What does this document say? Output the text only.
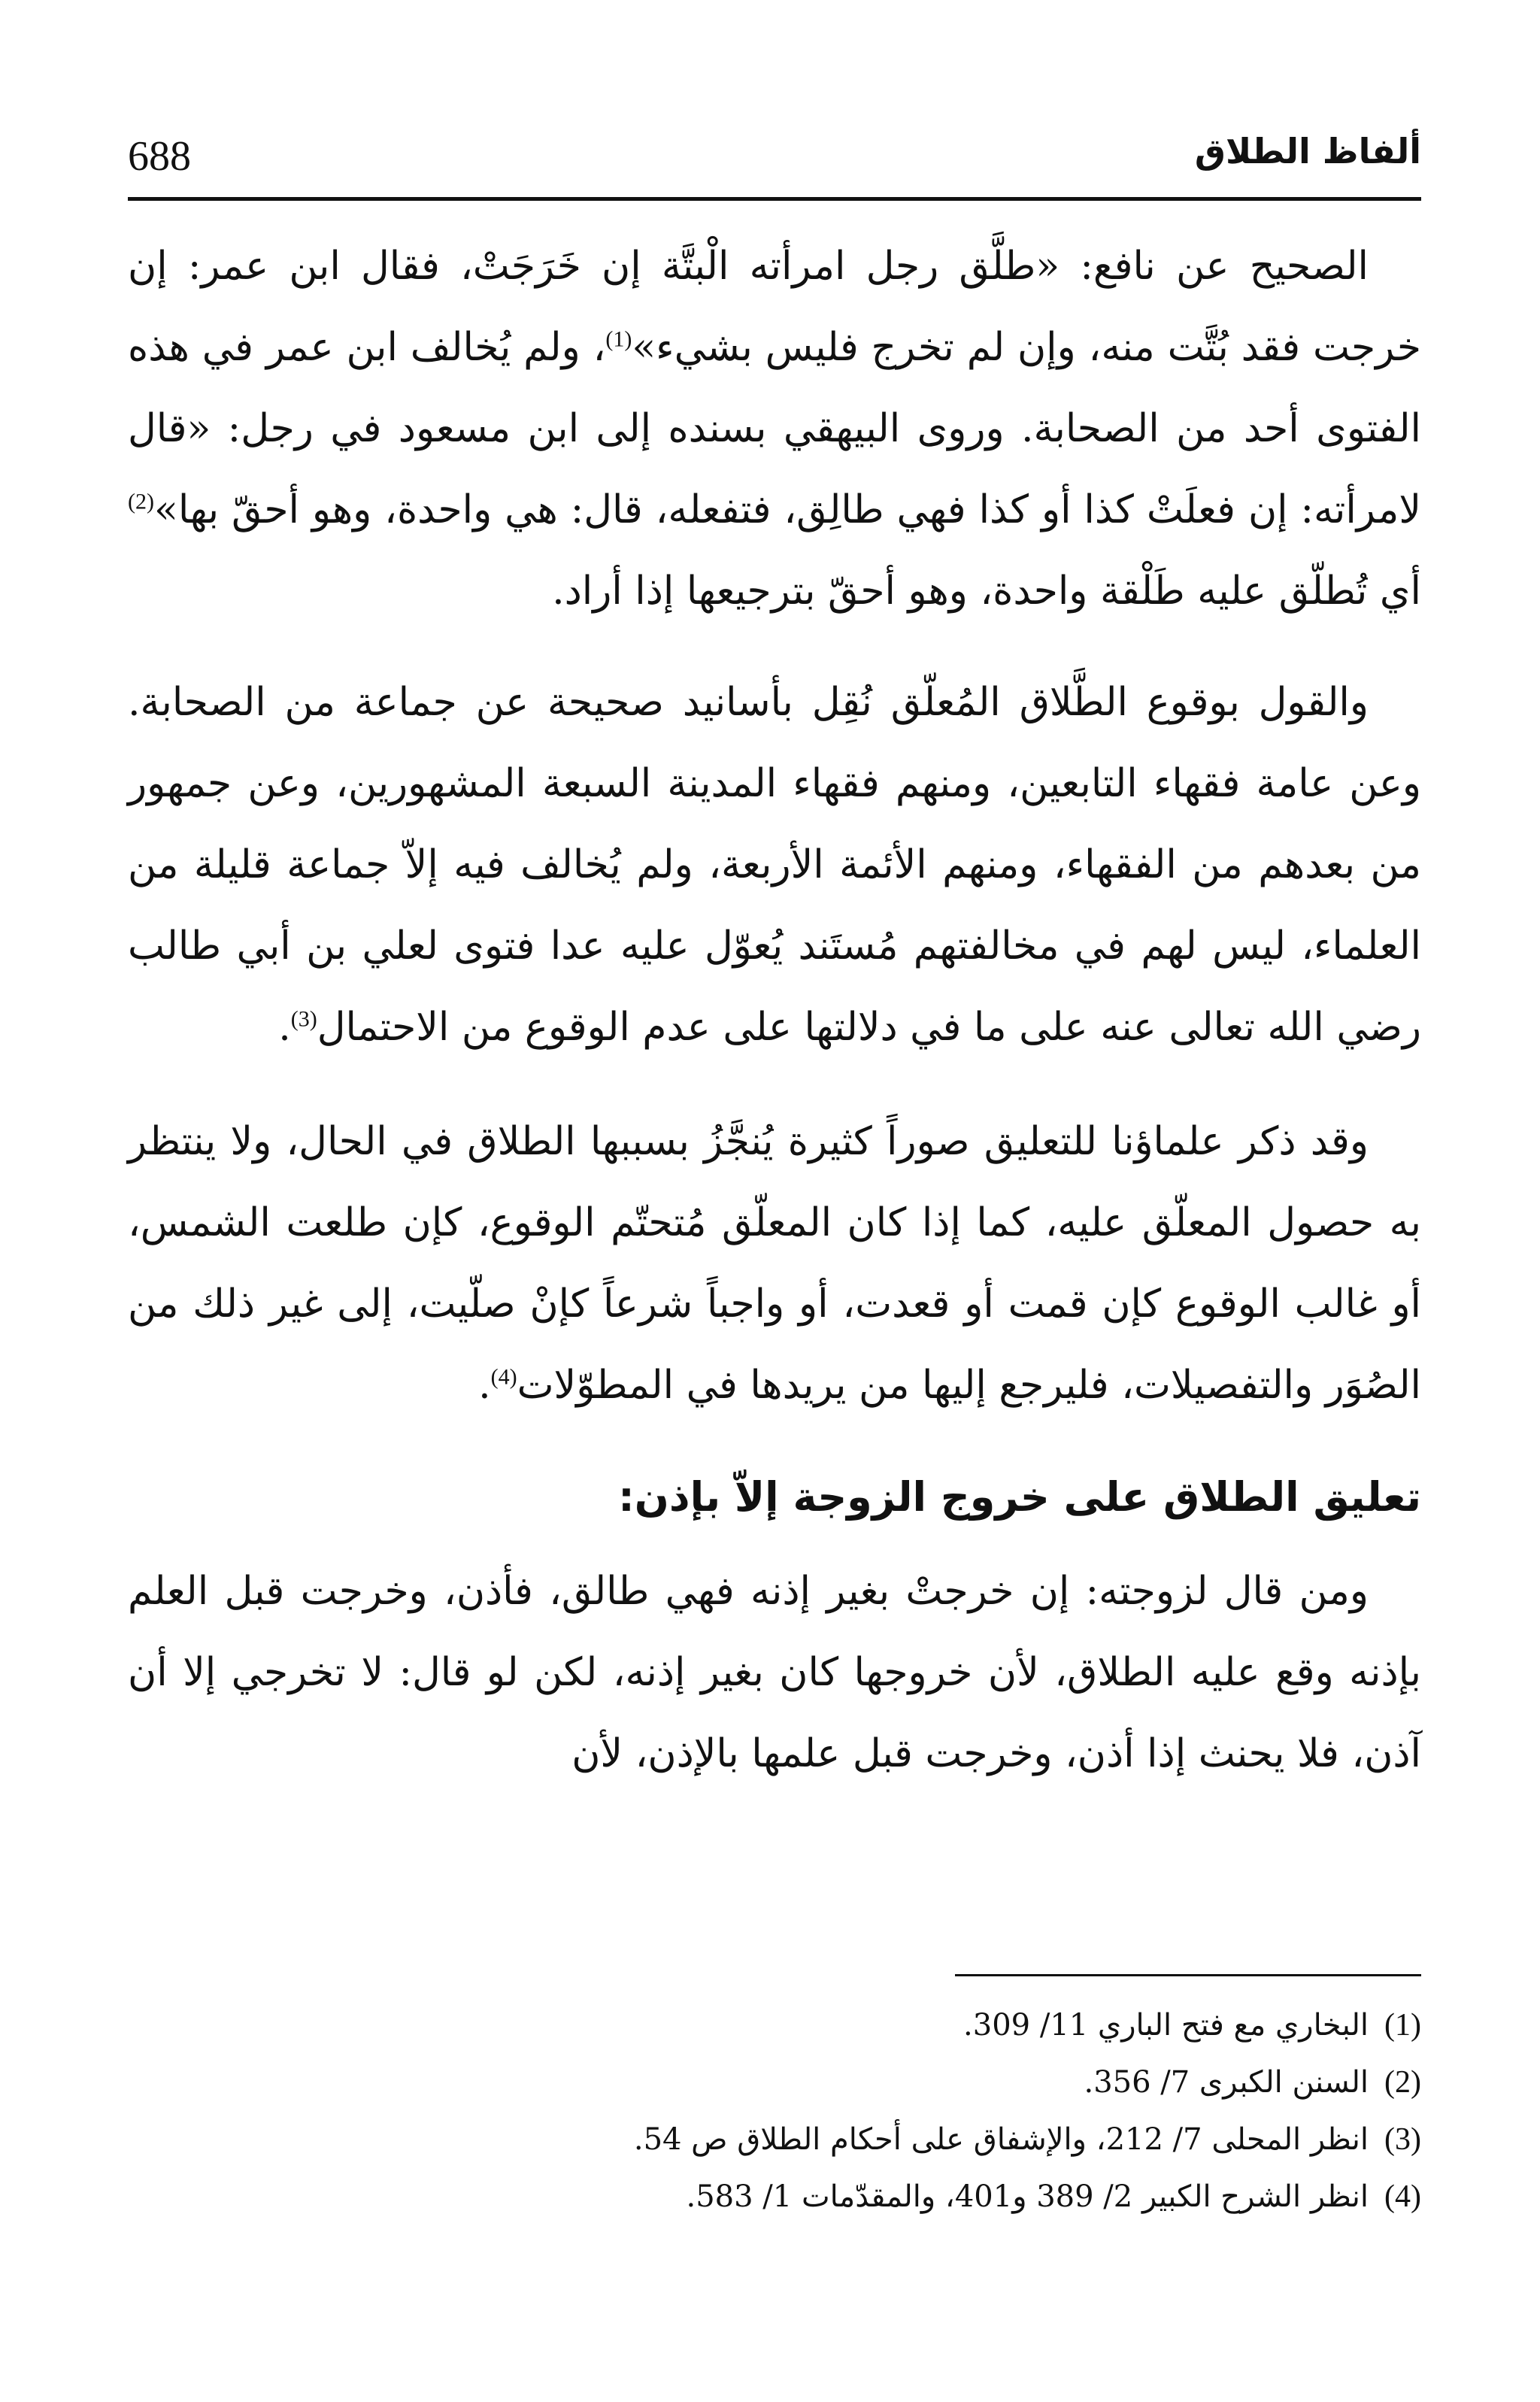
688	ألفاظ الطلاق

الصحيح عن نافع: «طلَّق رجل امرأته الْبتَّة إن خَرَجَتْ، فقال ابن عمر: إن خرجت فقد بُتَّت منه، وإن لم تخرج فليس بشيء»$^{(1)}$، ولم يُخالف ابن عمر في هذه الفتوى أحد من الصحابة. وروى البيهقي بسنده إلى ابن مسعود في رجل: «قال لامرأته: إن فعلَتْ كذا أو كذا فهي طالِق، فتفعله، قال: هي واحدة، وهو أحقّ بها»$^{(2)}$ أي تُطلّق عليه طَلْقة واحدة، وهو أحقّ بترجيعها إذا أراد.

والقول بوقوع الطَّلاق المُعلّق نُقِل بأسانيد صحيحة عن جماعة من الصحابة. وعن عامة فقهاء التابعين، ومنهم فقهاء المدينة السبعة المشهورين، وعن جمهور من بعدهم من الفقهاء، ومنهم الأئمة الأربعة، ولم يُخالف فيه إلاّ جماعة قليلة من العلماء، ليس لهم في مخالفتهم مُستَند يُعوّل عليه عدا فتوى لعلي بن أبي طالب رضي الله تعالى عنه على ما في دلالتها على عدم الوقوع من الاحتمال$^{(3)}$.

وقد ذكر علماؤنا للتعليق صوراً كثيرة يُنجَّزُ بسببها الطلاق في الحال، ولا ينتظر به حصول المعلّق عليه، كما إذا كان المعلّق مُتحتّم الوقوع، كإن طلعت الشمس، أو غالب الوقوع كإن قمت أو قعدت، أو واجباً شرعاً كإنْ صلّيت، إلى غير ذلك من الصُوَر والتفصيلات، فليرجع إليها من يريدها في المطوّلات$^{(4)}$.

تعليق الطلاق على خروج الزوجة إلاّ بإذن:

ومن قال لزوجته: إن خرجتْ بغير إذنه فهي طالق، فأذن، وخرجت قبل العلم بإذنه وقع عليه الطلاق، لأن خروجها كان بغير إذنه، لكن لو قال: لا تخرجي إلا أن آذن، فلا يحنث إذا أذن، وخرجت قبل علمها بالإذن، لأن

(1)
البخاري مع فتح الباري 11/ 309.
(2)
السنن الكبرى 7/ 356.
(3)
انظر المحلى 7/ 212، والإشفاق على أحكام الطلاق ص 54.
(4)
انظر الشرح الكبير 2/ 389 و401، والمقدّمات 1/ 583.
